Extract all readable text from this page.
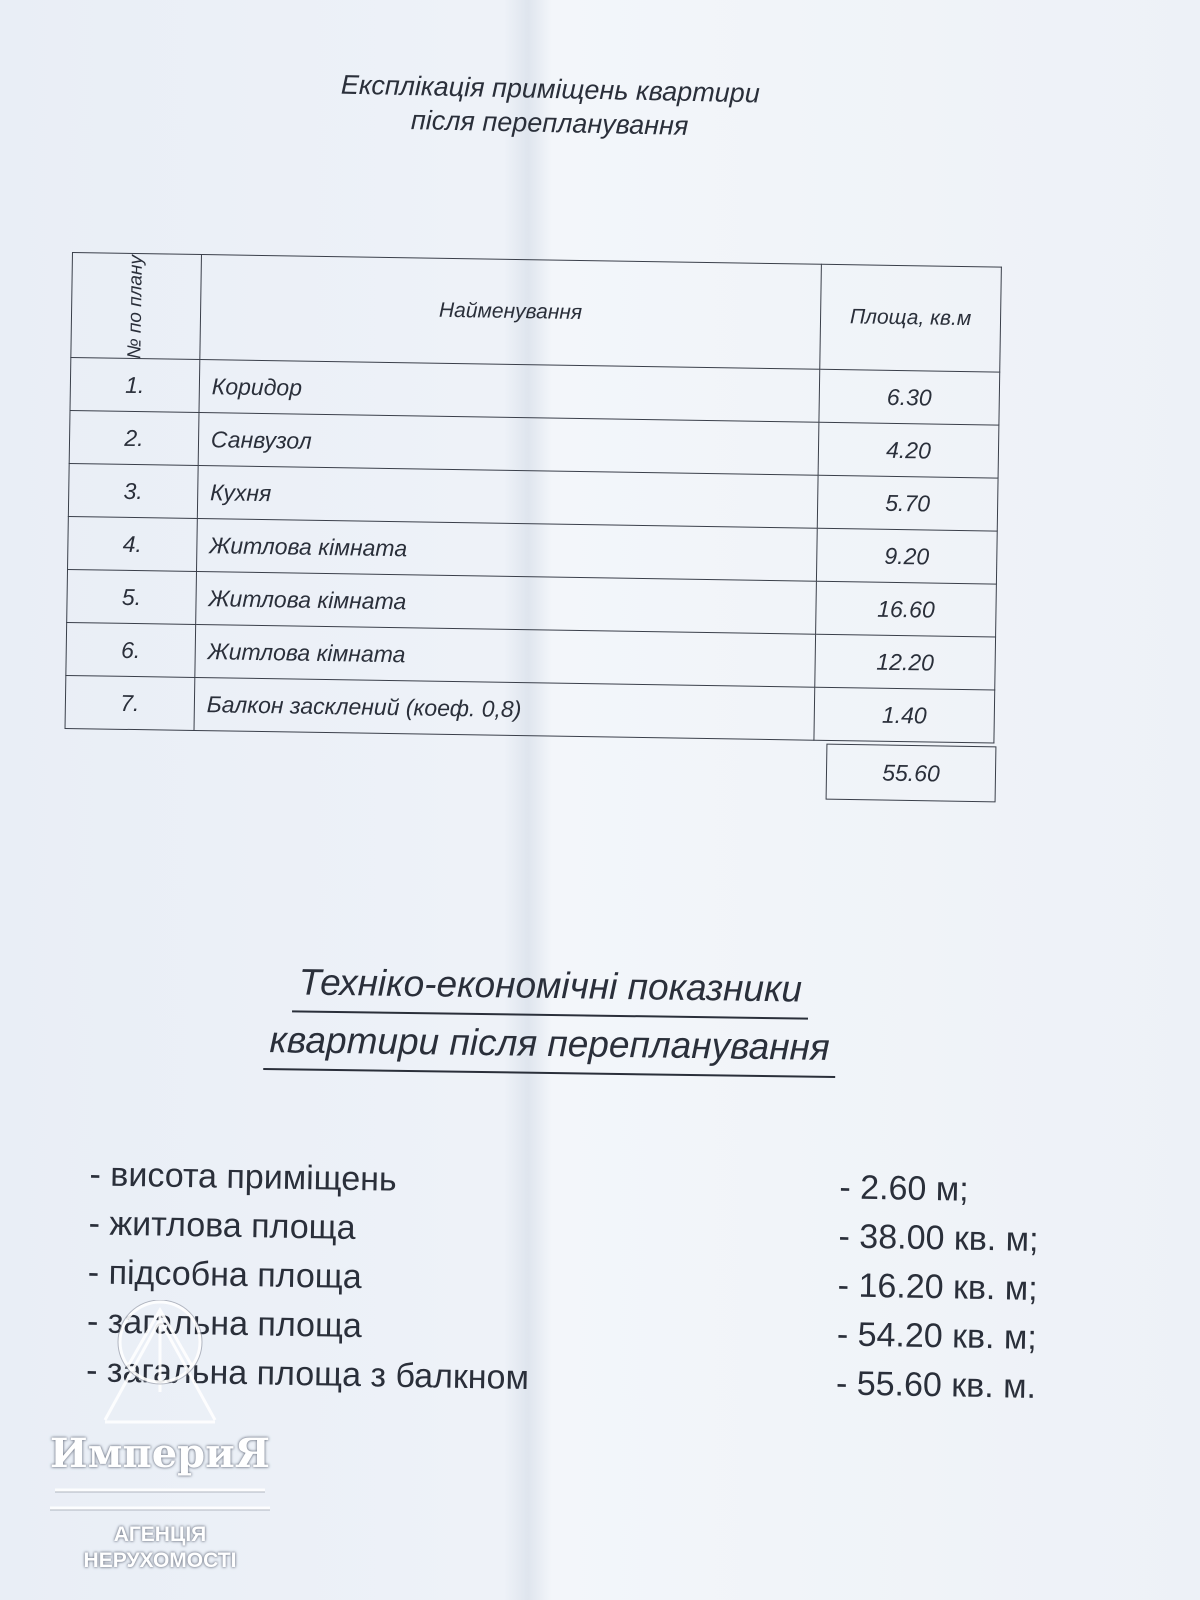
Експлікація приміщень квартири
після перепланування
№ по плану	Найменування	Площа, кв.м
1.	Коридор	6.30
2.	Санвузол	4.20
3.	Кухня	5.70
4.	Житлова кімната	9.20
5.	Житлова кімната	16.60
6.	Житлова кімната	12.20
7.	Балкон засклений (коеф. 0,8)	1.40
55.60
Техніко-економічні показники
квартири після перепланування
- висота приміщень	- 2.60 м;
- житлова площа	- 38.00 кв. м;
- підсобна площа	- 16.20 кв. м;
- загальна площа	- 54.20 кв. м;
- загальна площа з балкном	- 55.60 кв. м.
ИмпериЯ
АГЕНЦІЯ
НЕРУХОМОСТІ
